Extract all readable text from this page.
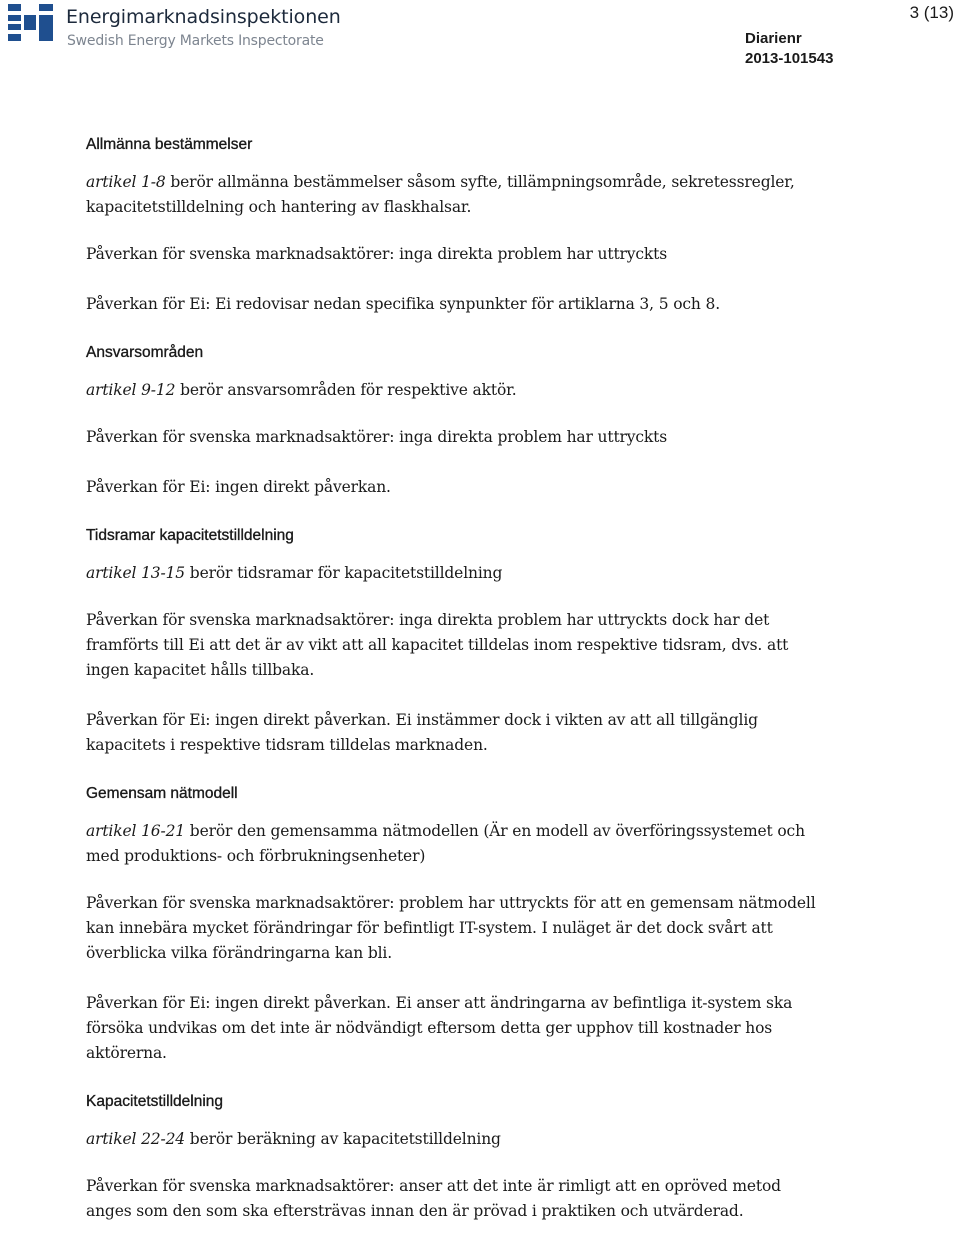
Energimarknadsinspektionen
Swedish Energy Markets Inspectorate	Diarienr
2013-101543
3 (13)
Allmänna bestämmelser

artikel 1-8 berör allmänna bestämmelser såsom syfte, tillämpningsområde, sekretessregler, kapacitetstilldelning och hantering av flaskhalsar.

Påverkan för svenska marknadsaktörer: inga direkta problem har uttryckts

Påverkan för Ei: Ei redovisar nedan specifika synpunkter för artiklarna 3, 5 och 8.

Ansvarsområden

artikel 9-12 berör ansvarsområden för respektive aktör.

Påverkan för svenska marknadsaktörer: inga direkta problem har uttryckts

Påverkan för Ei: ingen direkt påverkan.

Tidsramar kapacitetstilldelning

artikel 13-15 berör tidsramar för kapacitetstilldelning

Påverkan för svenska marknadsaktörer: inga direkta problem har uttryckts dock har det framförts till Ei att det är av vikt att all kapacitet tilldelas inom respektive tidsram, dvs. att ingen kapacitet hålls tillbaka.

Påverkan för Ei: ingen direkt påverkan. Ei instämmer dock i vikten av att all tillgänglig kapacitets i respektive tidsram tilldelas marknaden.

Gemensam nätmodell

artikel 16-21 berör den gemensamma nätmodellen (Är en modell av överföringssystemet och med produktions- och förbrukningsenheter)

Påverkan för svenska marknadsaktörer: problem har uttryckts för att en gemensam nätmodell kan innebära mycket förändringar för befintligt IT-system. I nuläget är det dock svårt att överblicka vilka förändringarna kan bli.

Påverkan för Ei: ingen direkt påverkan. Ei anser att ändringarna av befintliga it-system ska försöka undvikas om det inte är nödvändigt eftersom detta ger upphov till kostnader hos aktörerna.

Kapacitetstilldelning

artikel 22-24 berör beräkning av kapacitetstilldelning

Påverkan för svenska marknadsaktörer: anser att det inte är rimligt att en opröved metod anges som den som ska eftersträvas innan den är prövad i praktiken och utvärderad.
